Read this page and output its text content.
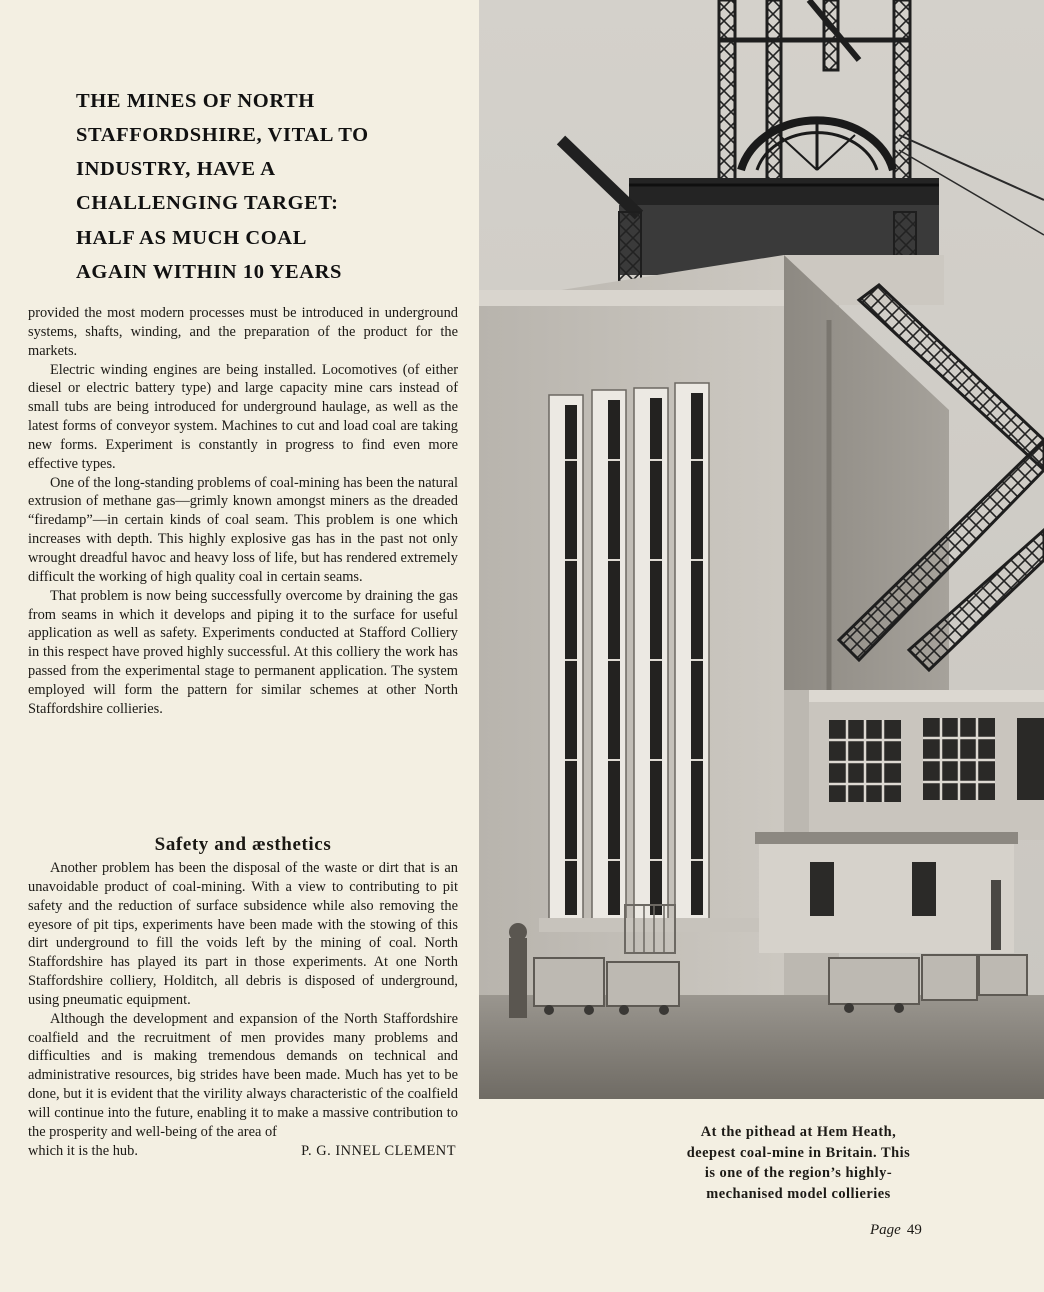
THE MINES OF NORTH
STAFFORDSHIRE, VITAL TO
INDUSTRY, HAVE A
CHALLENGING TARGET:
HALF AS MUCH COAL
AGAIN WITHIN 10 YEARS

provided the most modern processes must be introduced in underground systems, shafts, winding, and the preparation of the product for the markets.

Electric winding engines are being installed. Locomotives (of either diesel or electric battery type) and large capacity mine cars instead of small tubs are being introduced for underground haulage, as well as the latest forms of conveyor system. Machines to cut and load coal are taking new forms. Experiment is constantly in progress to find even more effective types.

One of the long-standing problems of coal-mining has been the natural extrusion of methane gas—grimly known amongst miners as the dreaded “firedamp”—in certain kinds of coal seam. This problem is one which increases with depth. This highly explosive gas has in the past not only wrought dreadful havoc and heavy loss of life, but has rendered extremely difficult the working of high quality coal in certain seams.

That problem is now being successfully overcome by draining the gas from seams in which it develops and piping it to the surface for useful application as well as safety. Experiments conducted at Stafford Colliery in this respect have proved highly successful. At this colliery the work has passed from the experimental stage to permanent application. The system employed will form the pattern for similar schemes at other North Staffordshire collieries.

Safety and æsthetics

Another problem has been the disposal of the waste or dirt that is an unavoidable product of coal-mining. With a view to contributing to pit safety and the reduction of surface subsidence while also removing the eyesore of pit tips, experiments have been made with the stowing of this dirt underground to fill the voids left by the mining of coal. North Staffordshire has played its part in those experiments. At one North Staffordshire colliery, Holditch, all debris is disposed of underground, using pneumatic equipment.

Although the development and expansion of the North Staffordshire coalfield and the recruitment of men provides many problems and difficulties and is making tremendous demands on technical and administrative resources, big strides have been made. Much has yet to be done, but it is evident that the virility always characteristic of the coalfield will continue into the future, enabling it to make a massive contribution to the prosperity and well-being of the area of

which it is the hub.	P. G. INNEL CLEMENT
At the pithead at Hem Heath,
deepest coal-mine in Britain. This
is one of the region’s highly-
mechanised model collieries
Page 49
